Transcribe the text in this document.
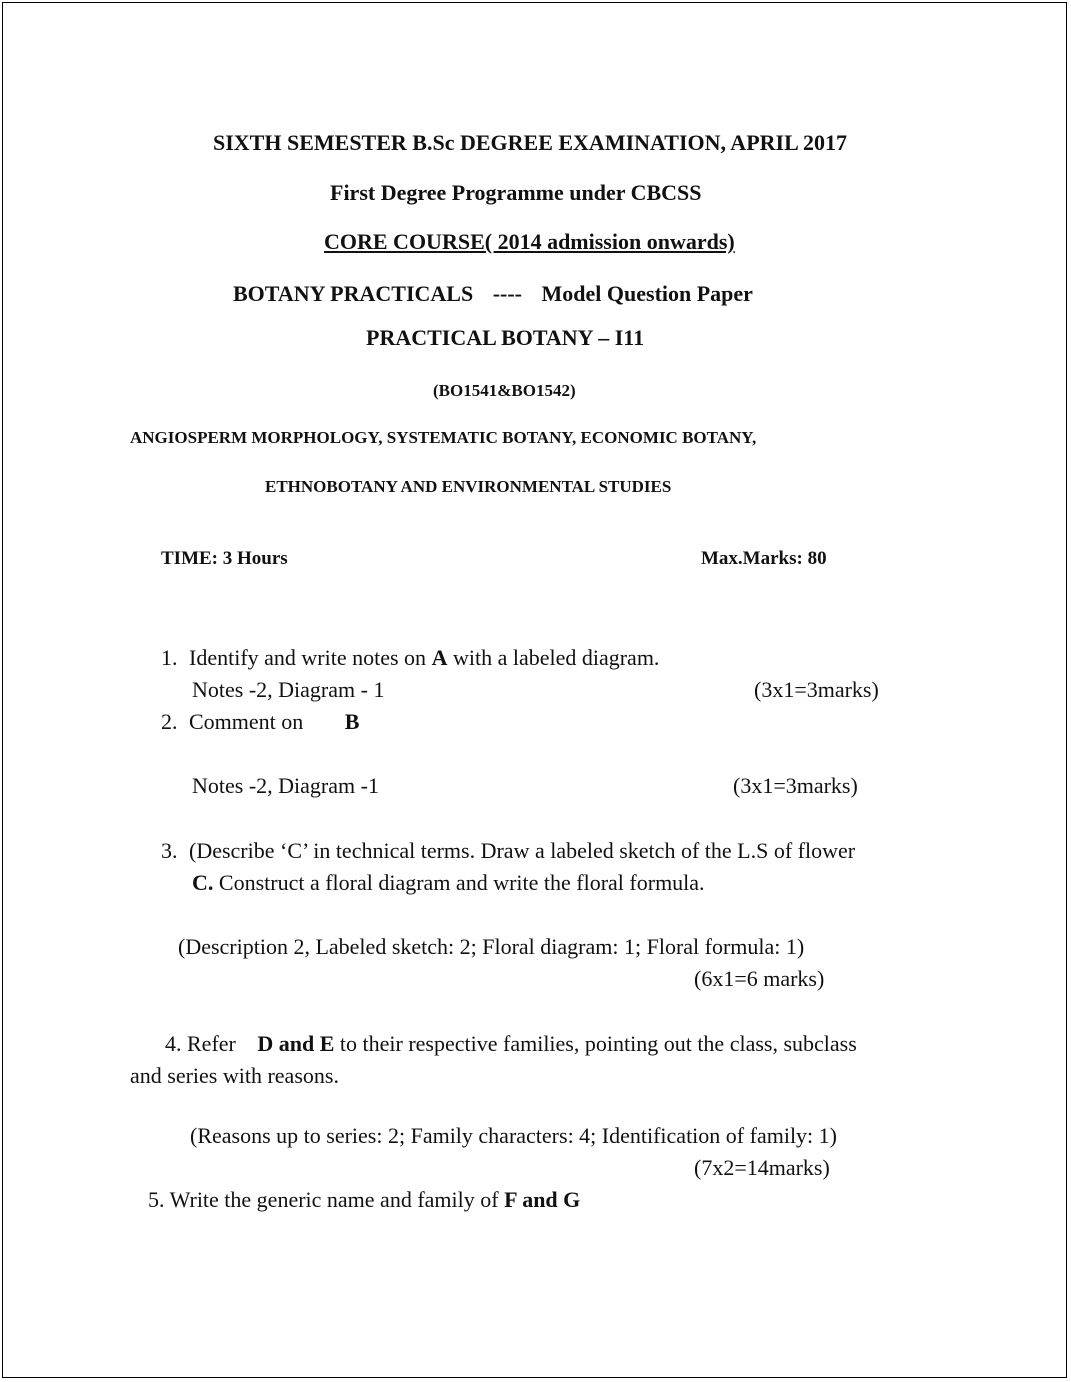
SIXTH SEMESTER B.Sc DEGREE EXAMINATION, APRIL 2017
First Degree Programme under CBCSS
CORE COURSE( 2014 admission onwards)
BOTANY PRACTICALS ---- Model Question Paper
PRACTICAL BOTANY – I11
(BO1541&BO1542)
ANGIOSPERM MORPHOLOGY, SYSTEMATIC BOTANY, ECONOMIC BOTANY,
ETHNOBOTANY AND ENVIRONMENTAL STUDIES
TIME: 3 Hours	Max.Marks: 80
1. Identify and write notes on A with a labeled diagram.
Notes -2, Diagram - 1	(3x1=3marks)
2. Comment on B
Notes -2, Diagram -1	(3x1=3marks)
3. (Describe ‘C’ in technical terms. Draw a labeled sketch of the L.S of flower
C. Construct a floral diagram and write the floral formula.
(Description 2, Labeled sketch: 2; Floral diagram: 1; Floral formula: 1)
(6x1=6 marks)
4. Refer D and E to their respective families, pointing out the class, subclass
and series with reasons.
(Reasons up to series: 2; Family characters: 4; Identification of family: 1)
(7x2=14marks)
5. Write the generic name and family of F and G
